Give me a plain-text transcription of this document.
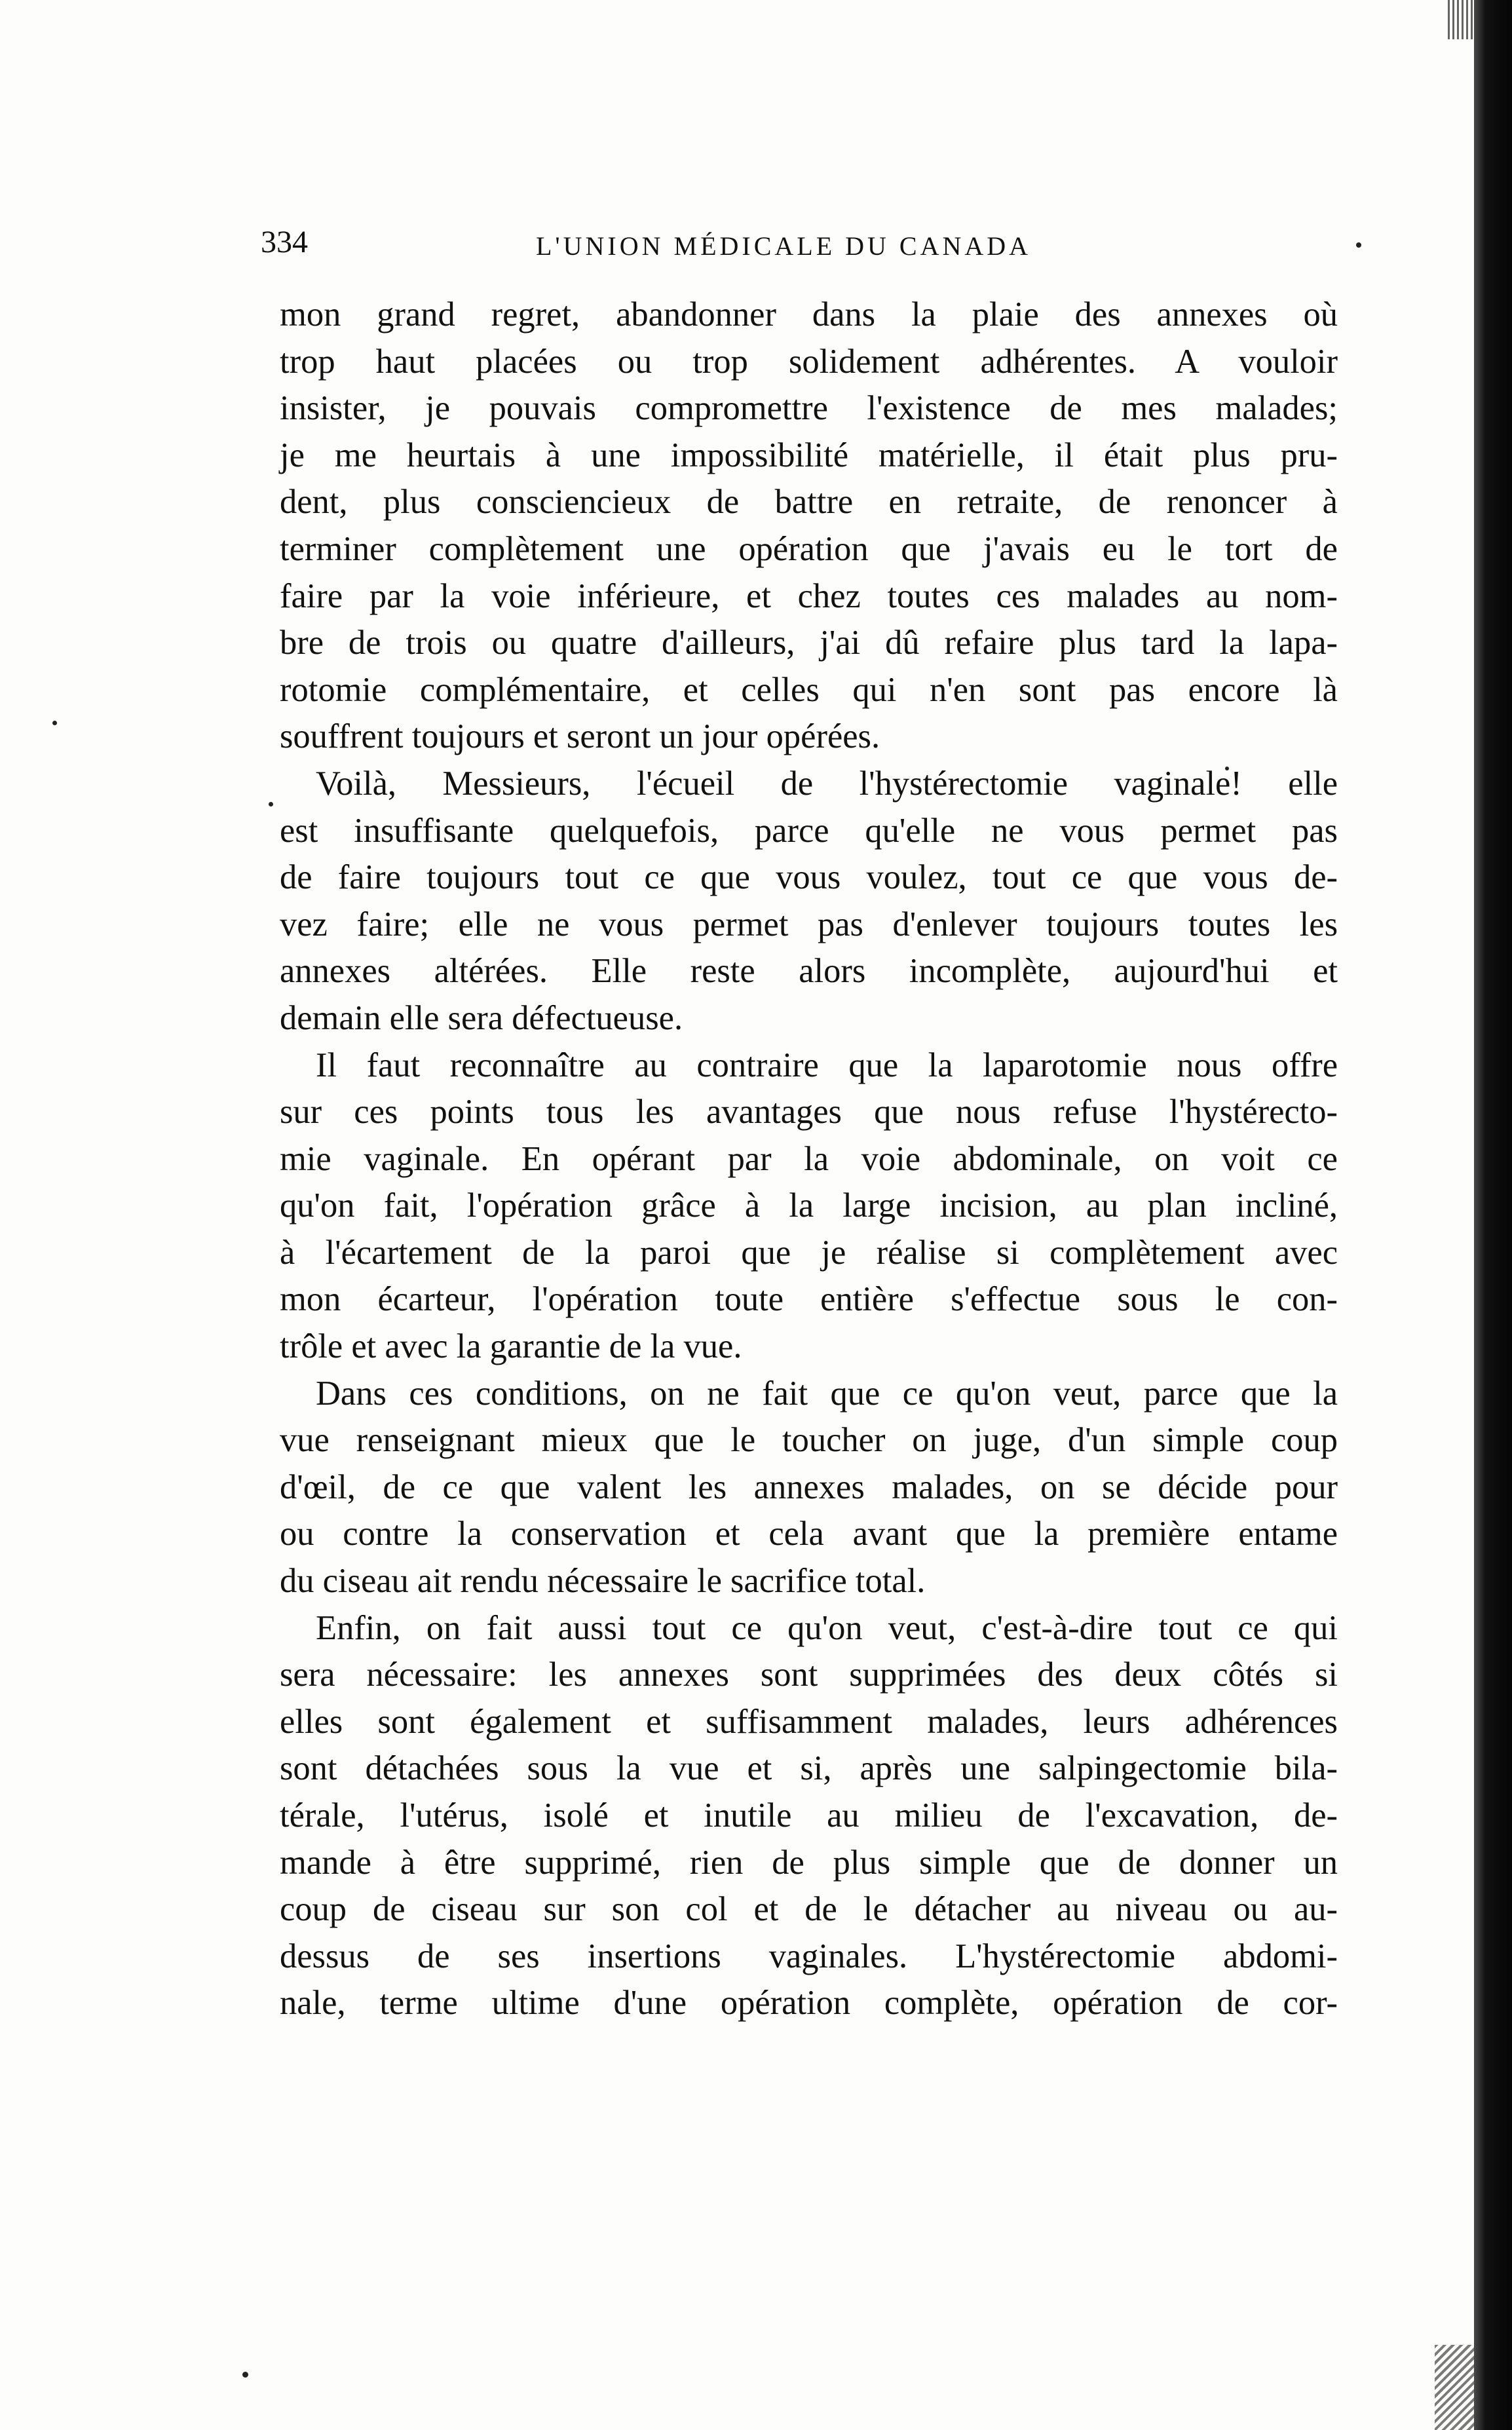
334	L'UNION MÉDICALE DU CANADA
mon grand regret, abandonner dans la plaie des annexes où
trop haut placées ou trop solidement adhérentes. A vouloir
insister, je pouvais compromettre l'existence de mes malades;
je me heurtais à une impossibilité matérielle, il était plus pru-
dent, plus consciencieux de battre en retraite, de renoncer à
terminer complètement une opération que j'avais eu le tort de
faire par la voie inférieure, et chez toutes ces malades au nom-
bre de trois ou quatre d'ailleurs, j'ai dû refaire plus tard la lapa-
rotomie complémentaire, et celles qui n'en sont pas encore là
souffrent toujours et seront un jour opérées.
Voilà, Messieurs, l'écueil de l'hystérectomie vaginale! elle
est insuffisante quelquefois, parce qu'elle ne vous permet pas
de faire toujours tout ce que vous voulez, tout ce que vous de-
vez faire; elle ne vous permet pas d'enlever toujours toutes les
annexes altérées. Elle reste alors incomplète, aujourd'hui et
demain elle sera défectueuse.
Il faut reconnaître au contraire que la laparotomie nous offre
sur ces points tous les avantages que nous refuse l'hystérecto-
mie vaginale. En opérant par la voie abdominale, on voit ce
qu'on fait, l'opération grâce à la large incision, au plan incliné,
à l'écartement de la paroi que je réalise si complètement avec
mon écarteur, l'opération toute entière s'effectue sous le con-
trôle et avec la garantie de la vue.
Dans ces conditions, on ne fait que ce qu'on veut, parce que la
vue renseignant mieux que le toucher on juge, d'un simple coup
d'œil, de ce que valent les annexes malades, on se décide pour
ou contre la conservation et cela avant que la première entame
du ciseau ait rendu nécessaire le sacrifice total.
Enfin, on fait aussi tout ce qu'on veut, c'est-à-dire tout ce qui
sera nécessaire: les annexes sont supprimées des deux côtés si
elles sont également et suffisamment malades, leurs adhérences
sont détachées sous la vue et si, après une salpingectomie bila-
térale, l'utérus, isolé et inutile au milieu de l'excavation, de-
mande à être supprimé, rien de plus simple que de donner un
coup de ciseau sur son col et de le détacher au niveau ou au-
dessus de ses insertions vaginales. L'hystérectomie abdomi-
nale, terme ultime d'une opération complète, opération de cor-
